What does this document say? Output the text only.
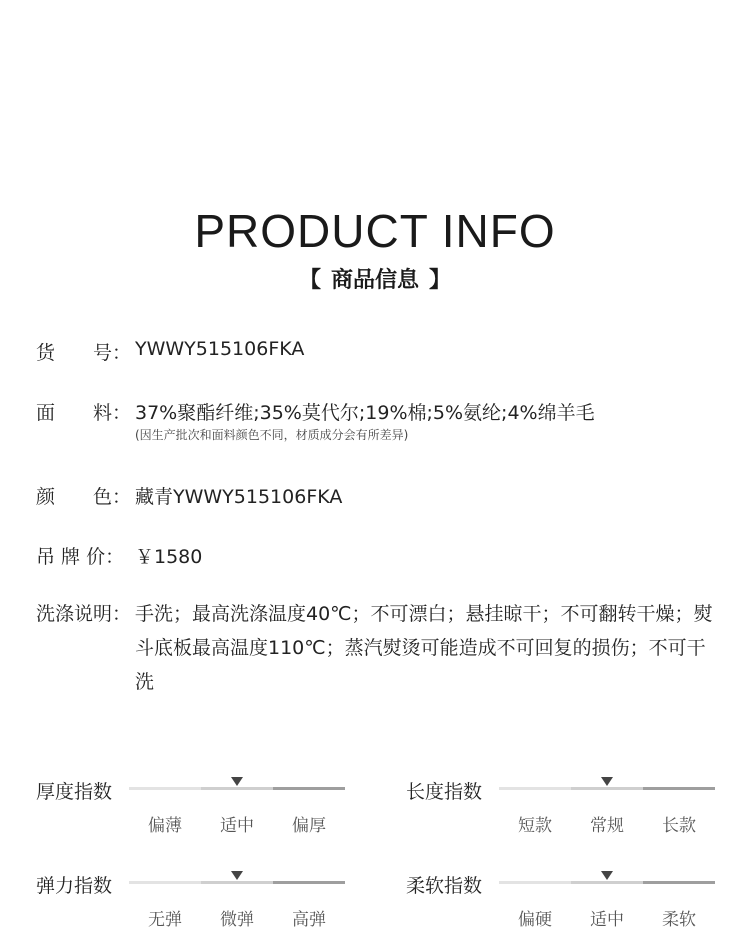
PRODUCT INFO
【 商品信息 】
货　　号： YWWY515106FKA
面　　料： 37%聚酯纤维;35%莫代尔;19%棉;5%氨纶;4%绵羊毛
(因生产批次和面料颜色不同，材质成分会有所差异)
颜　　色： 藏青YWWY515106FKA
吊 牌 价： ￥1580
洗涤说明： 手洗；最高洗涤温度40℃；不可漂白；悬挂晾干；不可翻转干燥；熨斗底板最高温度110℃；蒸汽熨烫可能造成不可回复的损伤；不可干洗
厚度指数
偏薄	适中	偏厚
长度指数
短款	常规	长款
弹力指数
无弹	微弹	高弹
柔软指数
偏硬	适中	柔软
